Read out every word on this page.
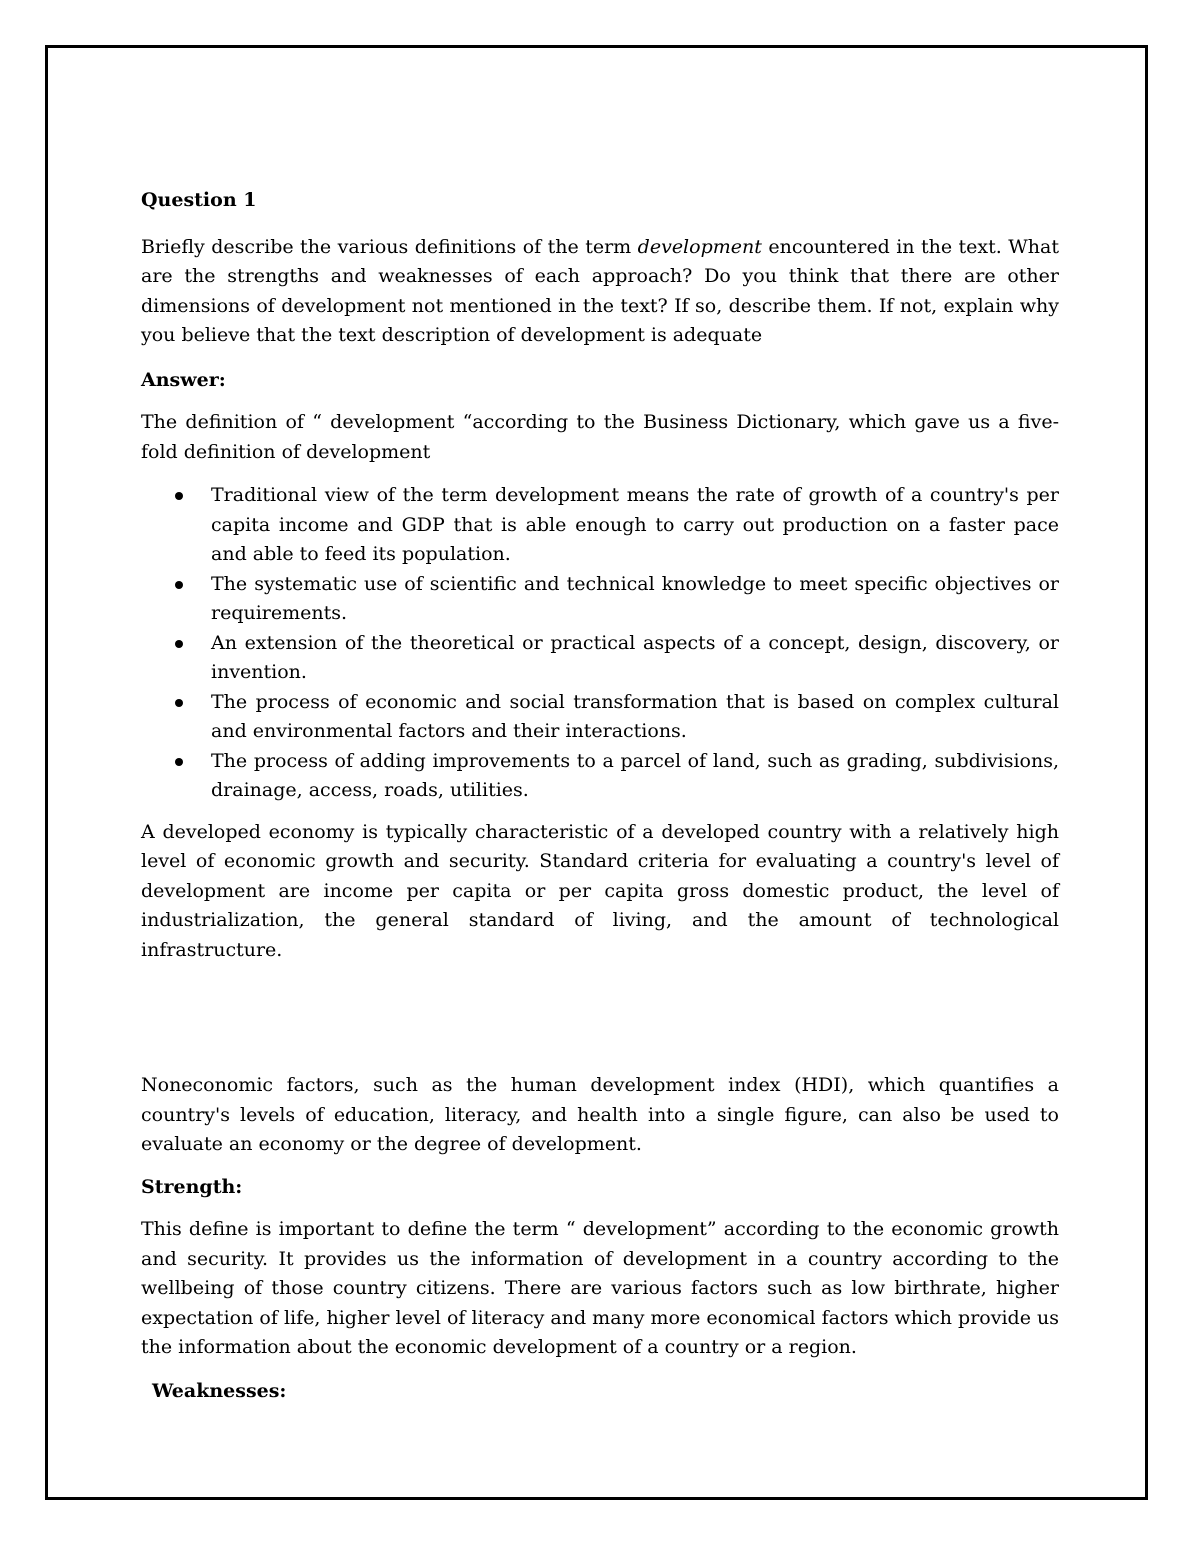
Question 1

Briefly describe the various definitions of the term development encountered in the text. What are the strengths and weaknesses of each approach? Do you think that there are other dimensions of development not mentioned in the text? If so, describe them. If not, explain why you believe that the text description of development is adequate

Answer:

The definition of “ development “according to the Business Dictionary, which gave us a five-fold definition of development

Traditional view of the term development means the rate of growth of a country's per capita income and GDP that is able enough to carry out production on a faster pace and able to feed its population.
The systematic use of scientific and technical knowledge to meet specific objectives or requirements.
An extension of the theoretical or practical aspects of a concept, design, discovery, or invention.
The process of economic and social transformation that is based on complex cultural and environmental factors and their interactions.
The process of adding improvements to a parcel of land, such as grading, subdivisions, drainage, access, roads, utilities.

A developed economy is typically characteristic of a developed country with a relatively high level of economic growth and security. Standard criteria for evaluating a country's level of development are income per capita or per capita gross domestic product, the level of industrialization, the general standard of living, and the amount of technological infrastructure.

Noneconomic factors, such as the human development index (HDI), which quantifies a country's levels of education, literacy, and health into a single figure, can also be used to evaluate an economy or the degree of development.

Strength:

This define is important to define the term “ development” according to the economic growth and security. It provides us the information of development in a country according to the wellbeing of those country citizens. There are various factors such as low birthrate, higher expectation of life, higher level of literacy and many more economical factors which provide us the information about the economic development of a country or a region.

Weaknesses:
